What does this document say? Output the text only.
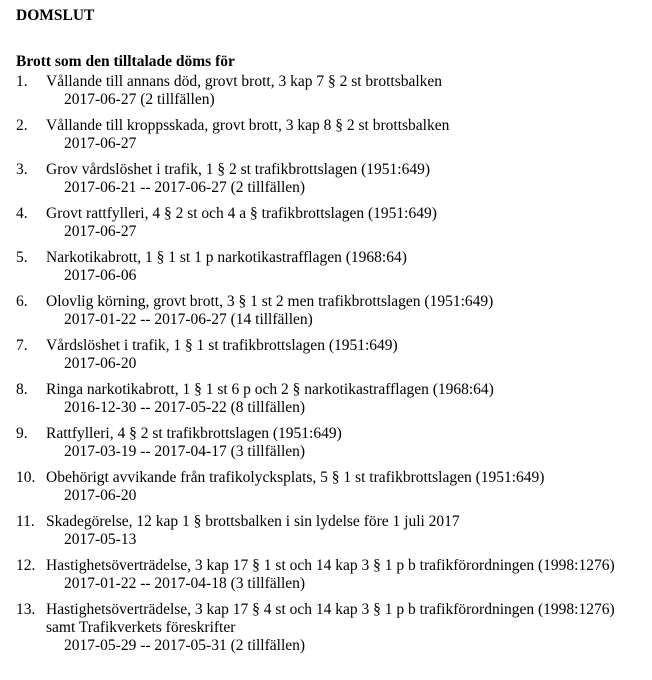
DOMSLUT
Brott som den tilltalade döms för
1. Vållande till annans död, grovt brott, 3 kap 7 § 2 st brottsbalken
2017-06-27 (2 tillfällen)
2. Vållande till kroppsskada, grovt brott, 3 kap 8 § 2 st brottsbalken
2017-06-27
3. Grov vårdslöshet i trafik, 1 § 2 st trafikbrottslagen (1951:649)
2017-06-21 -- 2017-06-27 (2 tillfällen)
4. Grovt rattfylleri, 4 § 2 st och 4 a § trafikbrottslagen (1951:649)
2017-06-27
5. Narkotikabrott, 1 § 1 st 1 p narkotikastrafflagen (1968:64)
2017-06-06
6. Olovlig körning, grovt brott, 3 § 1 st 2 men trafikbrottslagen (1951:649)
2017-01-22 -- 2017-06-27 (14 tillfällen)
7. Vårdslöshet i trafik, 1 § 1 st trafikbrottslagen (1951:649)
2017-06-20
8. Ringa narkotikabrott, 1 § 1 st 6 p och 2 § narkotikastrafflagen (1968:64)
2016-12-30 -- 2017-05-22 (8 tillfällen)
9. Rattfylleri, 4 § 2 st trafikbrottslagen (1951:649)
2017-03-19 -- 2017-04-17 (3 tillfällen)
10. Obehörigt avvikande från trafikolycksplats, 5 § 1 st trafikbrottslagen (1951:649)
2017-06-20
11. Skadegörelse, 12 kap 1 § brottsbalken i sin lydelse före 1 juli 2017
2017-05-13
12. Hastighetsöverträdelse, 3 kap 17 § 1 st och 14 kap 3 § 1 p b trafikförordningen (1998:1276)
2017-01-22 -- 2017-04-18 (3 tillfällen)
13. Hastighetsöverträdelse, 3 kap 17 § 4 st och 14 kap 3 § 1 p b trafikförordningen (1998:1276) samt Trafikverkets föreskrifter
2017-05-29 -- 2017-05-31 (2 tillfällen)
